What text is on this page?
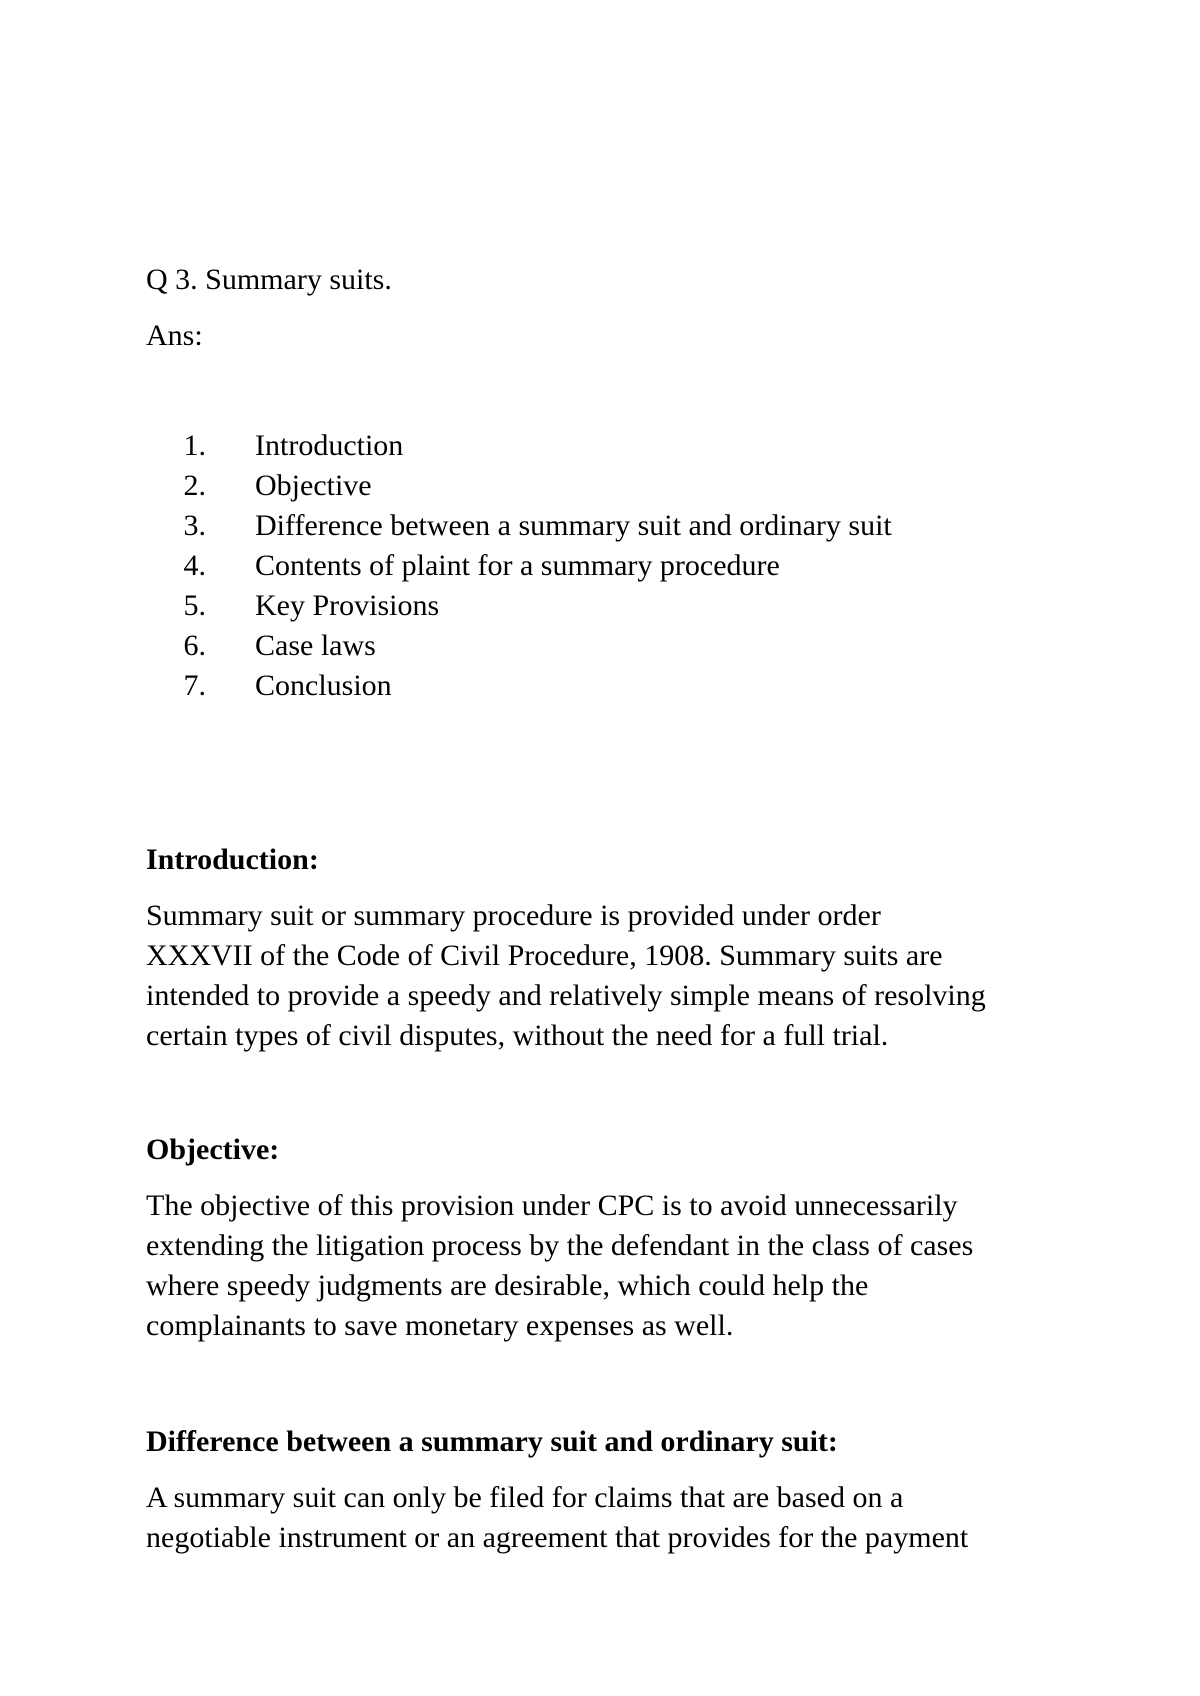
Q 3. Summary suits.

Ans:

1. Introduction
2. Objective
3. Difference between a summary suit and ordinary suit
4. Contents of plaint for a summary procedure
5. Key Provisions
6. Case laws
7. Conclusion

Introduction:

Summary suit or summary procedure is provided under order
XXXVII of the Code of Civil Procedure, 1908. Summary suits are
intended to provide a speedy and relatively simple means of resolving
certain types of civil disputes, without the need for a full trial.

Objective:

The objective of this provision under CPC is to avoid unnecessarily
extending the litigation process by the defendant in the class of cases
where speedy judgments are desirable, which could help the
complainants to save monetary expenses as well.

Difference between a summary suit and ordinary suit:

A summary suit can only be filed for claims that are based on a
negotiable instrument or an agreement that provides for the payment
